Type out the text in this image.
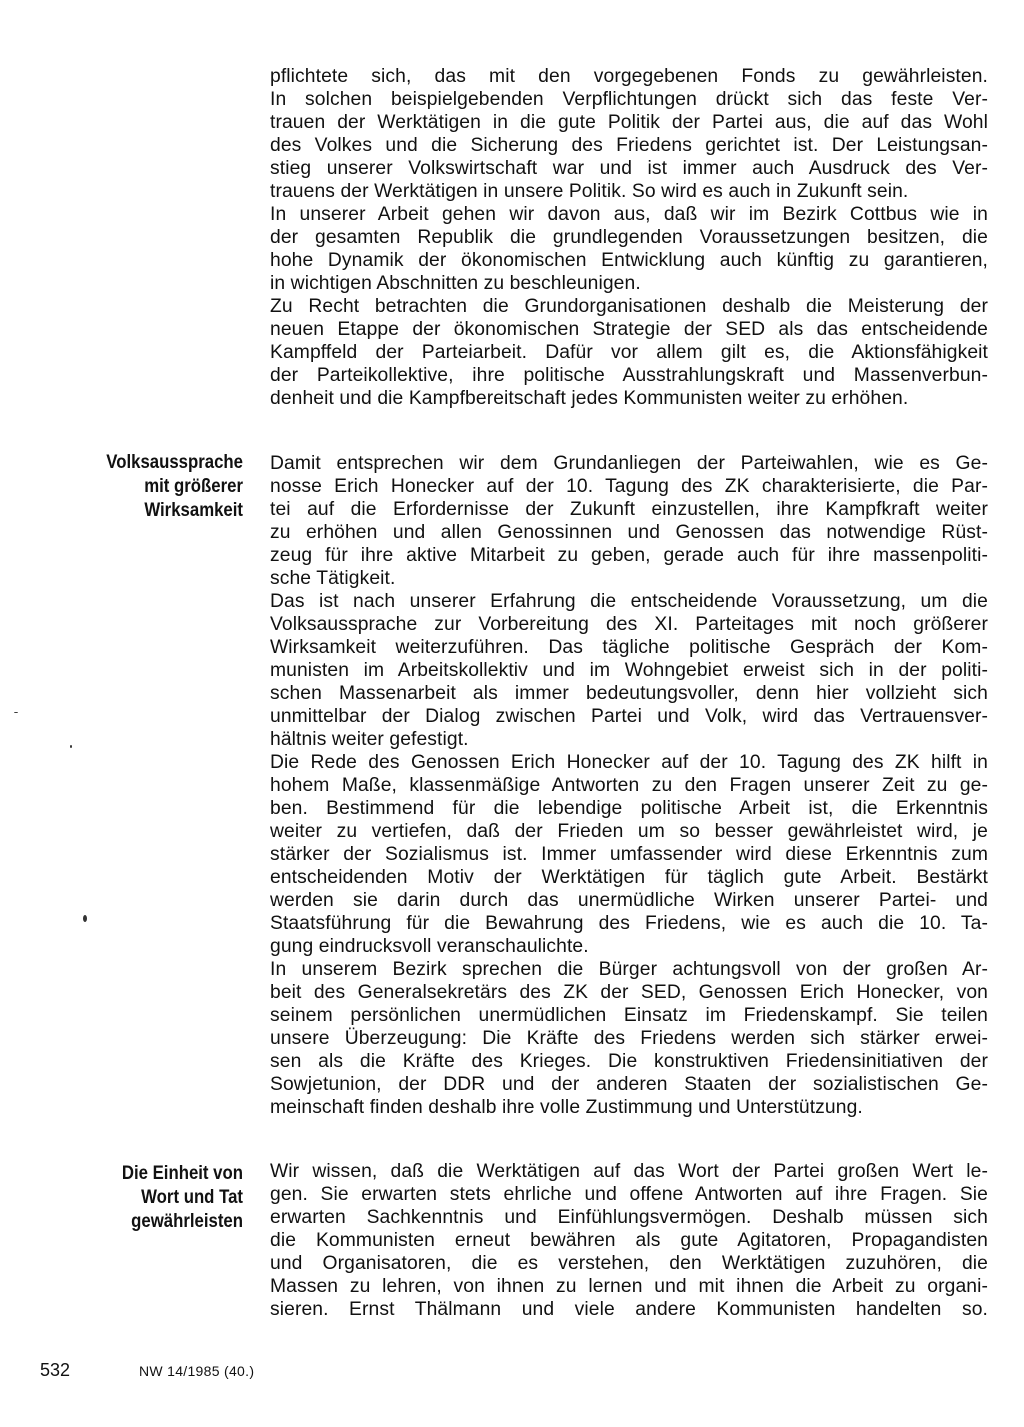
pflichtete sich, das mit den vorgegebenen Fonds zu gewährleisten.
In solchen beispielgebenden Verpflichtungen drückt sich das feste Ver-
trauen der Werktätigen in die gute Politik der Partei aus, die auf das Wohl
des Volkes und die Sicherung des Friedens gerichtet ist. Der Leistungsan-
stieg unserer Volkswirtschaft war und ist immer auch Ausdruck des Ver-
trauens der Werktätigen in unsere Politik. So wird es auch in Zukunft sein.
In unserer Arbeit gehen wir davon aus, daß wir im Bezirk Cottbus wie in
der gesamten Republik die grundlegenden Voraussetzungen besitzen, die
hohe Dynamik der ökonomischen Entwicklung auch künftig zu garantieren,
in wichtigen Abschnitten zu beschleunigen.
Zu Recht betrachten die Grundorganisationen deshalb die Meisterung der
neuen Etappe der ökonomischen Strategie der SED als das entscheidende
Kampffeld der Parteiarbeit. Dafür vor allem gilt es, die Aktionsfähigkeit
der Parteikollektive, ihre politische Ausstrahlungskraft und Massenverbun-
denheit und die Kampfbereitschaft jedes Kommunisten weiter zu erhöhen.
Volksaussprache
mit größerer
Wirksamkeit
Damit entsprechen wir dem Grundanliegen der Parteiwahlen, wie es Ge-
nosse Erich Honecker auf der 10. Tagung des ZK charakterisierte, die Par-
tei auf die Erfordernisse der Zukunft einzustellen, ihre Kampfkraft weiter
zu erhöhen und allen Genossinnen und Genossen das notwendige Rüst-
zeug für ihre aktive Mitarbeit zu geben, gerade auch für ihre massenpoliti-
sche Tätigkeit.
Das ist nach unserer Erfahrung die entscheidende Voraussetzung, um die
Volksaussprache zur Vorbereitung des XI. Parteitages mit noch größerer
Wirksamkeit weiterzuführen. Das tägliche politische Gespräch der Kom-
munisten im Arbeitskollektiv und im Wohngebiet erweist sich in der politi-
schen Massenarbeit als immer bedeutungsvoller, denn hier vollzieht sich
unmittelbar der Dialog zwischen Partei und Volk, wird das Vertrauensver-
hältnis weiter gefestigt.
Die Rede des Genossen Erich Honecker auf der 10. Tagung des ZK hilft in
hohem Maße, klassenmäßige Antworten zu den Fragen unserer Zeit zu ge-
ben. Bestimmend für die lebendige politische Arbeit ist, die Erkenntnis
weiter zu vertiefen, daß der Frieden um so besser gewährleistet wird, je
stärker der Sozialismus ist. Immer umfassender wird diese Erkenntnis zum
entscheidenden Motiv der Werktätigen für täglich gute Arbeit. Bestärkt
werden sie darin durch das unermüdliche Wirken unserer Partei- und
Staatsführung für die Bewahrung des Friedens, wie es auch die 10. Ta-
gung eindrucksvoll veranschaulichte.
In unserem Bezirk sprechen die Bürger achtungsvoll von der großen Ar-
beit des Generalsekretärs des ZK der SED, Genossen Erich Honecker, von
seinem persönlichen unermüdlichen Einsatz im Friedenskampf. Sie teilen
unsere Überzeugung: Die Kräfte des Friedens werden sich stärker erwei-
sen als die Kräfte des Krieges. Die konstruktiven Friedensinitiativen der
Sowjetunion, der DDR und der anderen Staaten der sozialistischen Ge-
meinschaft finden deshalb ihre volle Zustimmung und Unterstützung.
Die Einheit von
Wort und Tat
gewährleisten
Wir wissen, daß die Werktätigen auf das Wort der Partei großen Wert le-
gen. Sie erwarten stets ehrliche und offene Antworten auf ihre Fragen. Sie
erwarten Sachkenntnis und Einfühlungsvermögen. Deshalb müssen sich
die Kommunisten erneut bewähren als gute Agitatoren, Propagandisten
und Organisatoren, die es verstehen, den Werktätigen zuzuhören, die
Massen zu lehren, von ihnen zu lernen und mit ihnen die Arbeit zu organi-
sieren. Ernst Thälmann und viele andere Kommunisten handelten so.
532	NW 14/1985 (40.)
